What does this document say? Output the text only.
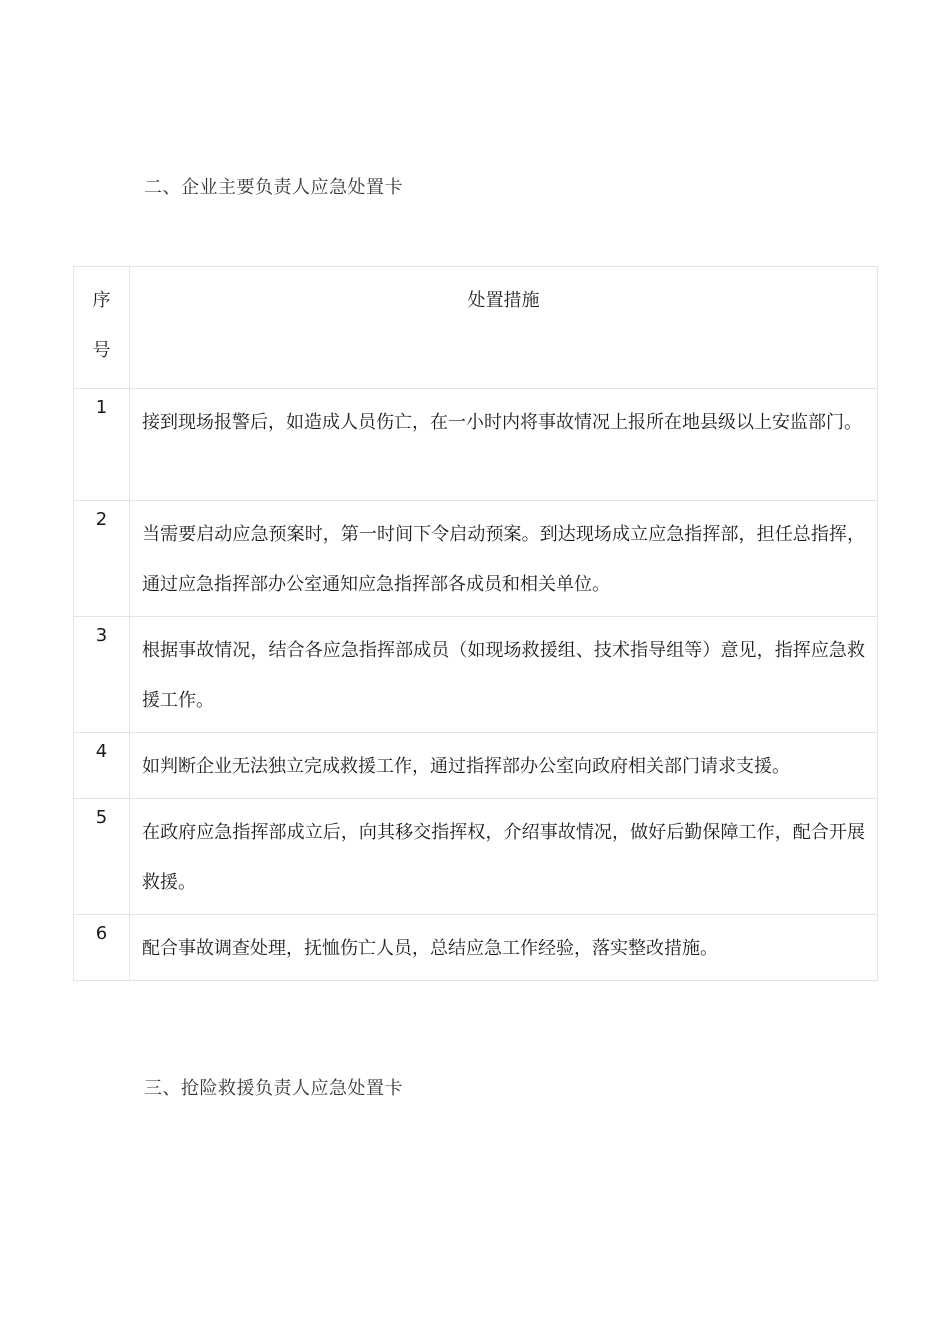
二、企业主要负责人应急处置卡
序
号	处置措施
1	接到现场报警后，如造成人员伤亡，在一小时内将事故情况上报所在地县级以上安监部门。
2	当需要启动应急预案时，第一时间下令启动预案。到达现场成立应急指挥部，担任总指挥，通过应急指挥部办公室通知应急指挥部各成员和相关单位。
3	根据事故情况，结合各应急指挥部成员（如现场救援组、技术指导组等）意见，指挥应急救援工作。
4	如判断企业无法独立完成救援工作，通过指挥部办公室向政府相关部门请求支援。
5	在政府应急指挥部成立后，向其移交指挥权，介绍事故情况，做好后勤保障工作，配合开展救援。
6	配合事故调查处理，抚恤伤亡人员，总结应急工作经验，落实整改措施。
三、抢险救援负责人应急处置卡
